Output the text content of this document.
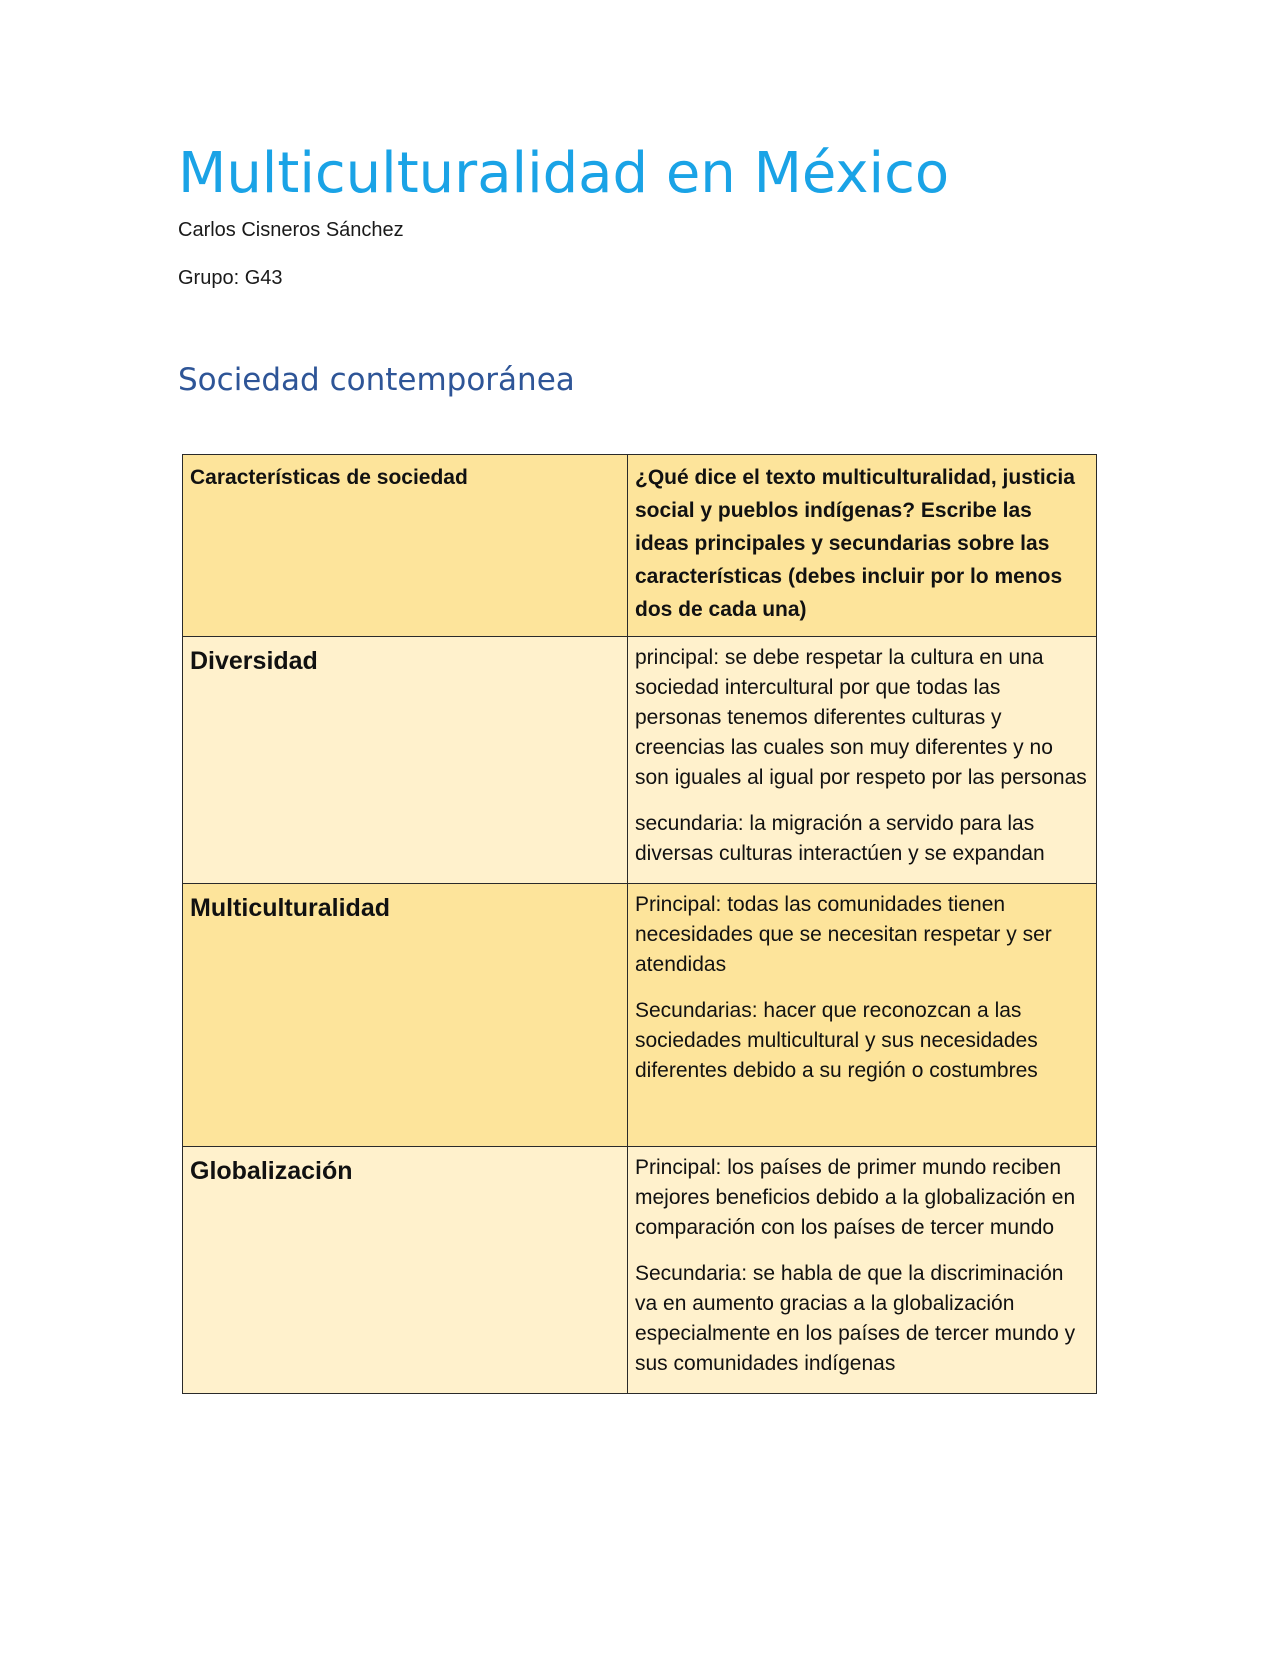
Multiculturalidad en México

Carlos Cisneros Sánchez

Grupo: G43

Sociedad contemporánea
Características de sociedad	¿Qué dice el texto multiculturalidad, justicia social y pueblos indígenas? Escribe las ideas principales y secundarias sobre las características (debes incluir por lo menos dos de cada una)

Diversidad	principal: se debe respetar la cultura en una sociedad intercultural por que todas las personas tenemos diferentes culturas y creencias las cuales son muy diferentes y no son iguales al igual por respeto por las personas

secundaria: la migración a servido para las diversas culturas interactúen y se expandan

Multiculturalidad	Principal: todas las comunidades tienen necesidades que se necesitan respetar y ser atendidas

Secundarias: hacer que reconozcan a las sociedades multicultural y sus necesidades diferentes debido a su región o costumbres

Globalización	Principal: los países de primer mundo reciben mejores beneficios debido a la globalización en comparación con los países de tercer mundo

Secundaria: se habla de que la discriminación va en aumento gracias a la globalización especialmente en los países de tercer mundo y sus comunidades indígenas
